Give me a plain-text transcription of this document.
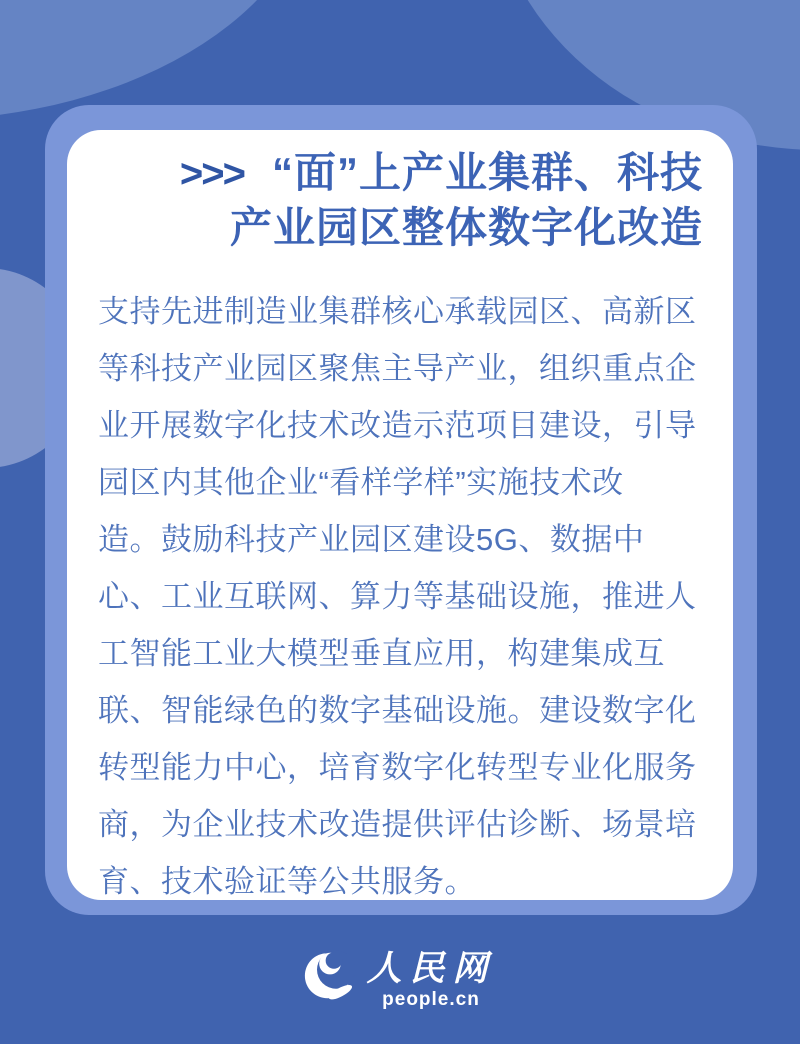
>>> “面”上产业集群、科技
产业园区整体数字化改造
支持先进制造业集群核心承载园区、高新区
等科技产业园区聚焦主导产业，组织重点企
业开展数字化技术改造示范项目建设，引导
园区内其他企业“看样学样”实施技术改
造。鼓励科技产业园区建设5G、数据中
心、工业互联网、算力等基础设施，推进人
工智能工业大模型垂直应用，构建集成互
联、智能绿色的数字基础设施。建设数字化
转型能力中心，培育数字化转型专业化服务
商，为企业技术改造提供评估诊断、场景培
育、技术验证等公共服务。
人民网
people.cn
